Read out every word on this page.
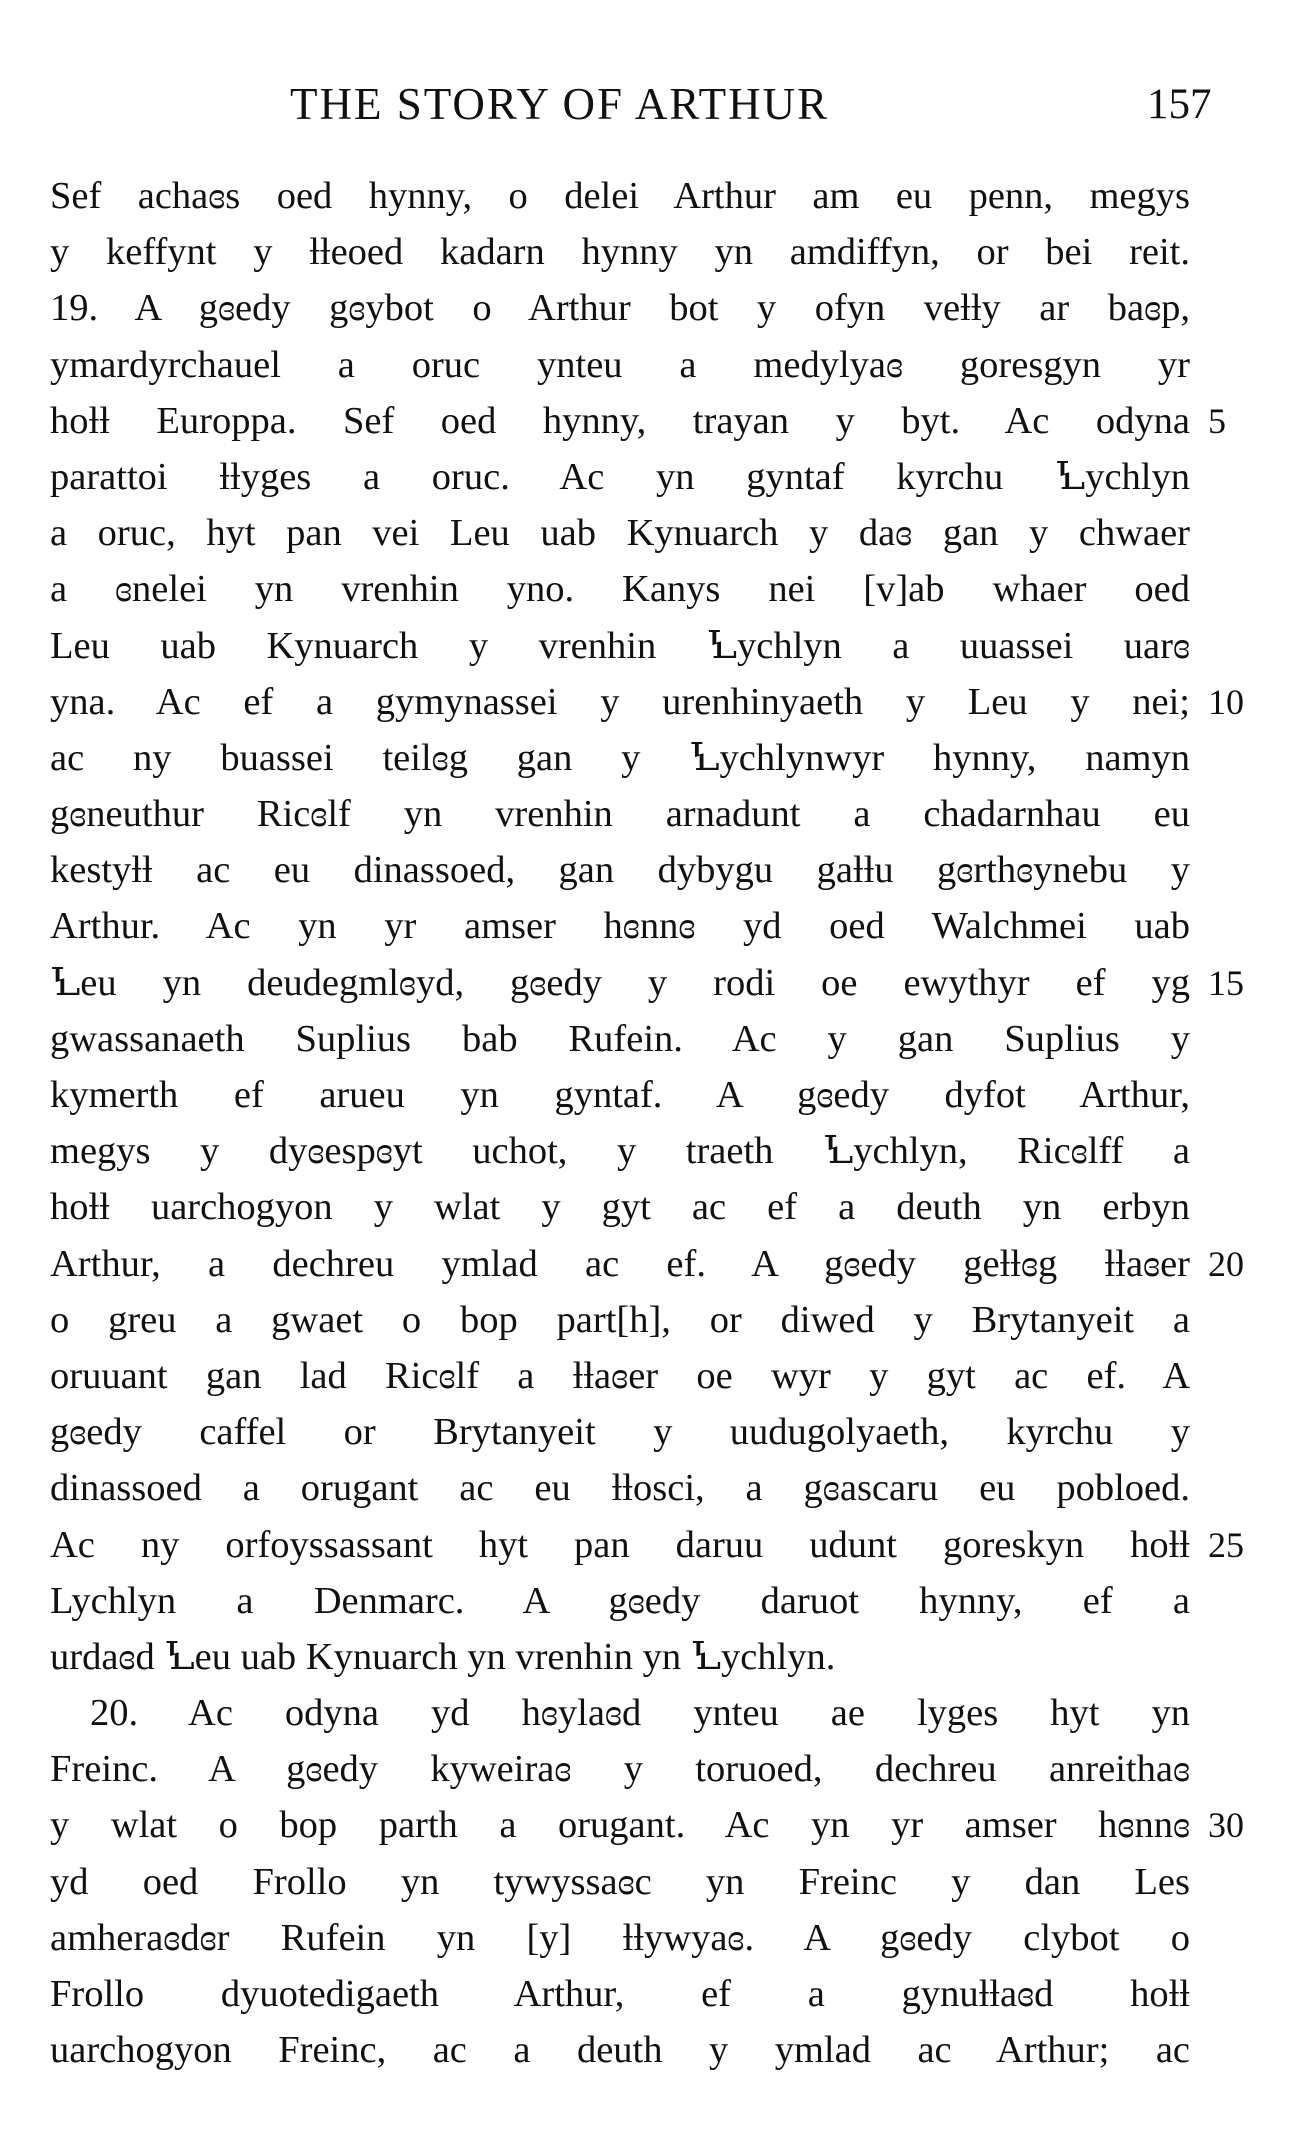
THE STORY OF ARTHUR	157
Sef achaɞs oed hynny, o delei Arthur am eu penn, megys
y keffynt y ƚƚeoed kadarn hynny yn amdiffyn, or bei reit.
19. A gɞedy gɞybot o Arthur bot y ofyn veƚƚy ar baɞp,
ymardyrchauel a oruc ynteu a medylyaɞ goresgyn yr
hoƚƚ Europpa. Sef oed hynny, trayan y byt. Ac odyna 5
parattoi ƚƚyges a oruc. Ac yn gyntaf kyrchu Ꝇychlyn
a oruc, hyt pan vei Leu uab Kynuarch y daɞ gan y chwaer
a ɞnelei yn vrenhin yno. Kanys nei [v]ab whaer oed
Leu uab Kynuarch y vrenhin Ꝇychlyn a uuassei uarɞ
yna. Ac ef a gymynassei y urenhinyaeth y Leu y nei; 10
ac ny buassei teilɞg gan y Ꝇychlynwyr hynny, namyn
gɞneuthur Ricɞlf yn vrenhin arnadunt a chadarnhau eu
kestyƚƚ ac eu dinassoed, gan dybygu gaƚƚu gɞrthɞynebu y
Arthur. Ac yn yr amser hɞnnɞ yd oed Walchmei uab
Ꝇeu yn deudegmlɞyd, gɞedy y rodi oe ewythyr ef yg 15
gwassanaeth Suplius bab Rufein. Ac y gan Suplius y
kymerth ef arueu yn gyntaf. A gɞedy dyfot Arthur,
megys y dyɞespɞyt uchot, y traeth Ꝇychlyn, Ricɞlff a
hoƚƚ uarchogyon y wlat y gyt ac ef a deuth yn erbyn
Arthur, a dechreu ymlad ac ef. A gɞedy geƚƚɞg ƚƚaɞer 20
o greu a gwaet o bop part[h], or diwed y Brytanyeit a
oruuant gan lad Ricɞlf a ƚƚaɞer oe wyr y gyt ac ef. A
gɞedy caffel or Brytanyeit y uudugolyaeth, kyrchu y
dinassoed a orugant ac eu ƚƚosci, a gɞascaru eu pobloed.
Ac ny orfoyssassant hyt pan daruu udunt goreskyn hoƚƚ 25
Lychlyn a Denmarc. A gɞedy daruot hynny, ef a
urdaɞd Ꝇeu uab Kynuarch yn vrenhin yn Ꝇychlyn.
20. Ac odyna yd hɞylaɞd ynteu ae lyges hyt yn
Freinc. A gɞedy kyweiraɞ y toruoed, dechreu anreithaɞ
y wlat o bop parth a orugant. Ac yn yr amser hɞnnɞ 30
yd oed Frollo yn tywyssaɞc yn Freinc y dan Les
amheraɞdɞr Rufein yn [y] ƚƚywyaɞ. A gɞedy clybot o
Frollo dyuotedigaeth Arthur, ef a gynuƚƚaɞd hoƚƚ
uarchogyon Freinc, ac a deuth y ymlad ac Arthur; ac
